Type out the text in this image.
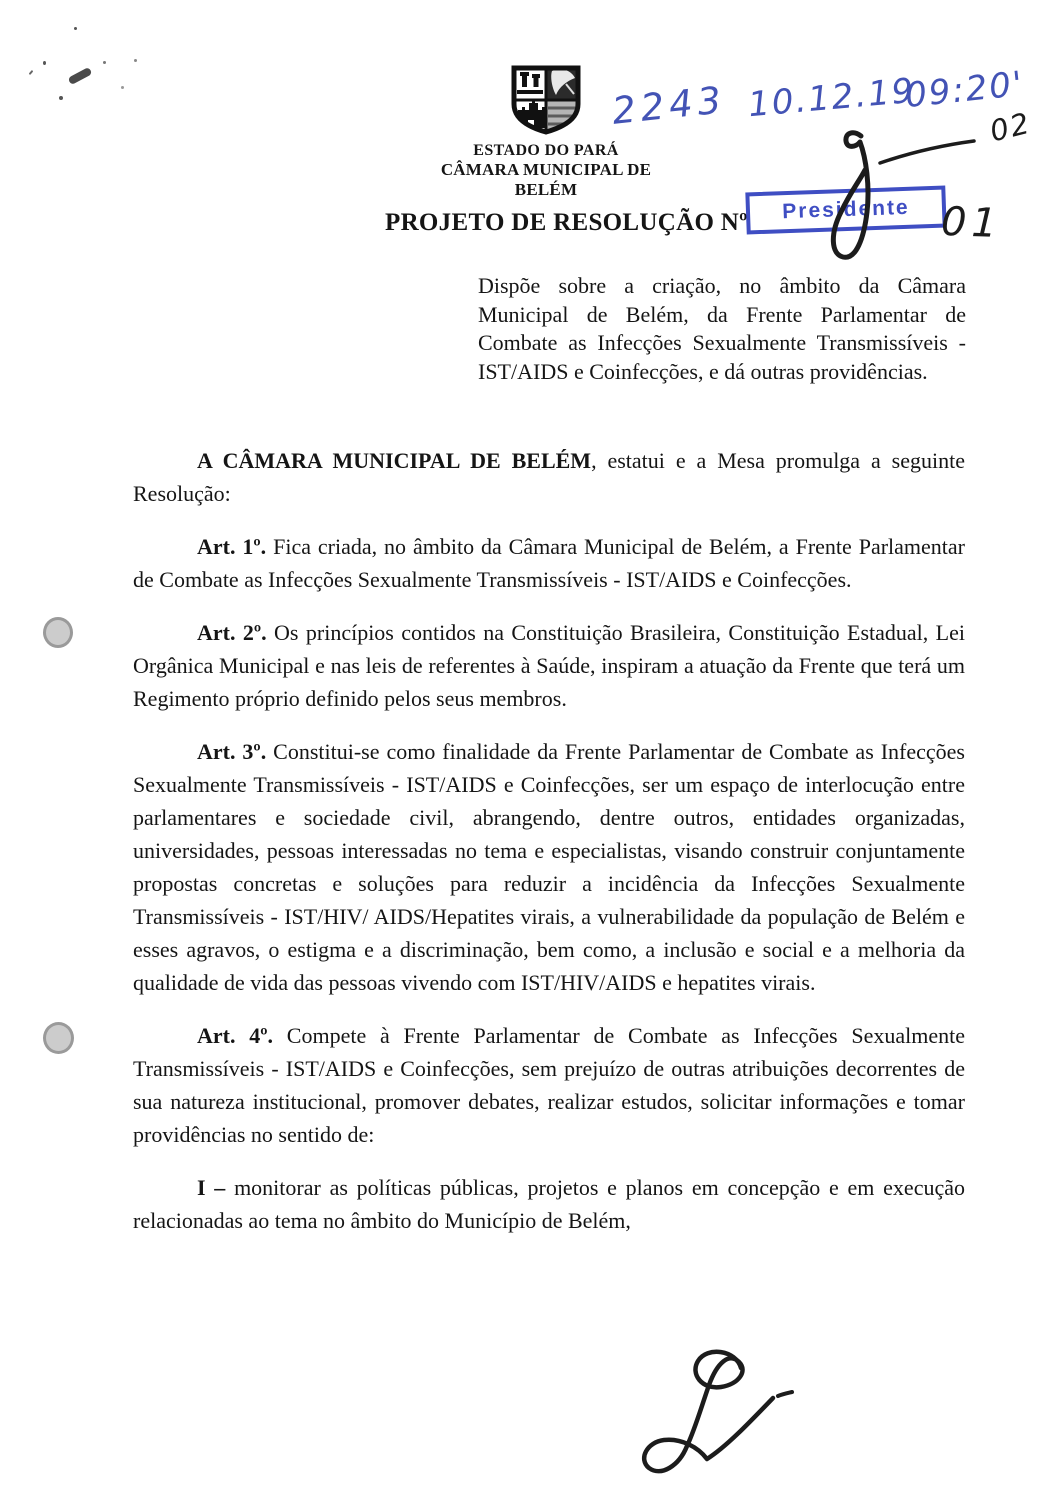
ESTADO DO PARÁ
CÂMARA MUNICIPAL DE BELÉM
PROJETO DE RESOLUÇÃO Nº

Dispõe sobre a criação, no âmbito da Câmara Municipal de Belém, da Frente Parlamentar de Combate as Infecções Sexualmente Transmissíveis - IST/AIDS e Coinfecções, e dá outras providências.

A CÂMARA MUNICIPAL DE BELÉM, estatui e a Mesa promulga a seguinte Resolução:

Art. 1º. Fica criada, no âmbito da Câmara Municipal de Belém, a Frente Parlamentar de Combate as Infecções Sexualmente Transmissíveis - IST/AIDS e Coinfecções.

Art. 2º. Os princípios contidos na Constituição Brasileira, Constituição Estadual, Lei Orgânica Municipal e nas leis de referentes à Saúde, inspiram a atuação da Frente que terá um Regimento próprio definido pelos seus membros.

Art. 3º. Constitui-se como finalidade da Frente Parlamentar de Combate as Infecções Sexualmente Transmissíveis - IST/AIDS e Coinfecções, ser um espaço de interlocução entre parlamentares e sociedade civil, abrangendo, dentre outros, entidades organizadas, universidades, pessoas interessadas no tema e especialistas, visando construir conjuntamente propostas concretas e soluções para reduzir a incidência da Infecções Sexualmente Transmissíveis - IST/HIV/ AIDS/Hepatites virais, a vulnerabilidade da população de Belém e esses agravos, o estigma e a discriminação, bem como, a inclusão e social e a melhoria da qualidade de vida das pessoas vivendo com IST/HIV/AIDS e hepatites virais.

Art. 4º. Compete à Frente Parlamentar de Combate as Infecções Sexualmente Transmissíveis - IST/AIDS e Coinfecções, sem prejuízo de outras atribuições decorrentes de sua natureza institucional, promover debates, realizar estudos, solicitar informações e tomar providências no sentido de:

I – monitorar as políticas públicas, projetos e planos em concepção e em execução relacionadas ao tema no âmbito do Município de Belém,

Presidente
2243 10.12.19
09:20'
02
01
